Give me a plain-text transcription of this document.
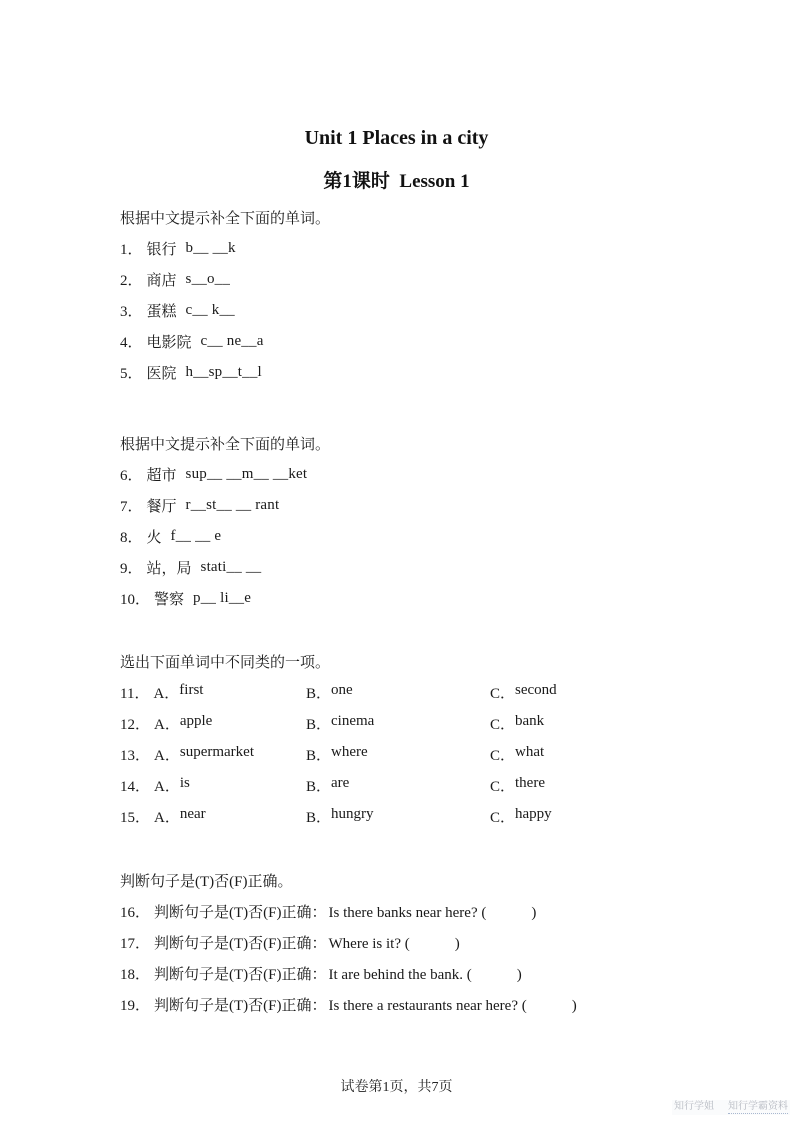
Unit 1 Places in a city
第1课时  Lesson 1
根据中文提示补全下面的单词。
1． 银行 b__ __k
2． 商店 s__o__
3． 蛋糕 c__ k__
4． 电影院 c__ ne__a
5． 医院 h__sp__t__l
根据中文提示补全下面的单词。
6． 超市 sup__ __m__ __ket
7． 餐厅 r__st__ __ rant
8． 火 f__ __ e
9． 站，局 stati__ __
10． 警察 p__ li__e
选出下面单词中不同类的一项。
11． A． first	B． one	C． second
12． A． apple	B． cinema	C． bank
13． A． supermarket	B． where	C． what
14． A． is	B． are	C． there
15． A． near	B． hungry	C． happy
判断句子是(T)否(F)正确。
16． 判断句子是(T)否(F)正确： Is there banks near here? (　　　)
17． 判断句子是(T)否(F)正确： Where is it? (　　　)
18． 判断句子是(T)否(F)正确： It are behind the bank. (　　　)
19． 判断句子是(T)否(F)正确： Is there a restaurants near here? (　　　)
试卷第1页，共7页
知行学姐 知行学霸资料
